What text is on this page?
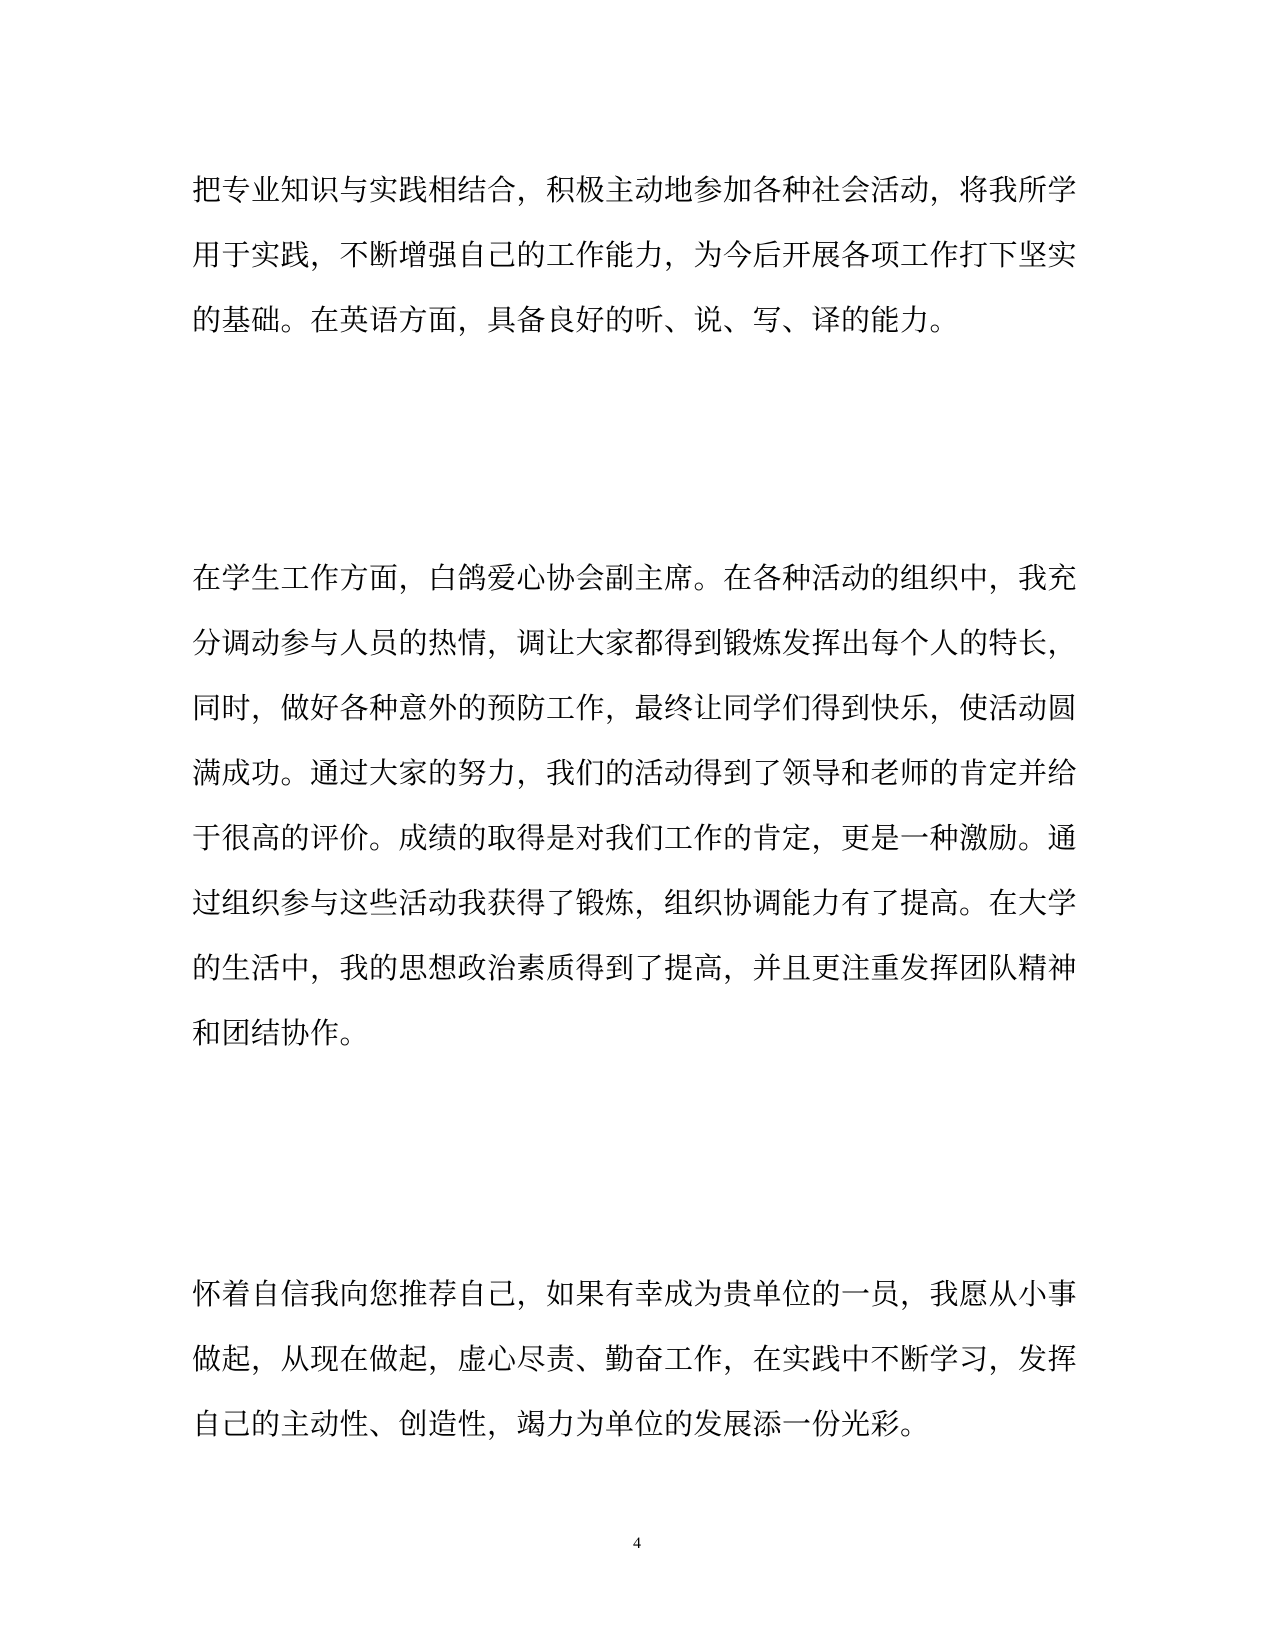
把专业知识与实践相结合，积极主动地参加各种社会活动，将我所学
用于实践，不断增强自己的工作能力，为今后开展各项工作打下坚实
的基础。在英语方面，具备良好的听、说、写、译的能力。
在学生工作方面，白鸽爱心协会副主席。在各种活动的组织中，我充
分调动参与人员的热情，调让大家都得到锻炼发挥出每个人的特长，
同时，做好各种意外的预防工作，最终让同学们得到快乐，使活动圆
满成功。通过大家的努力，我们的活动得到了领导和老师的肯定并给
于很高的评价。成绩的取得是对我们工作的肯定，更是一种激励。通
过组织参与这些活动我获得了锻炼，组织协调能力有了提高。在大学
的生活中，我的思想政治素质得到了提高，并且更注重发挥团队精神
和团结协作。
怀着自信我向您推荐自己，如果有幸成为贵单位的一员，我愿从小事
做起，从现在做起，虚心尽责、勤奋工作，在实践中不断学习，发挥
自己的主动性、创造性，竭力为单位的发展添一份光彩。
4
